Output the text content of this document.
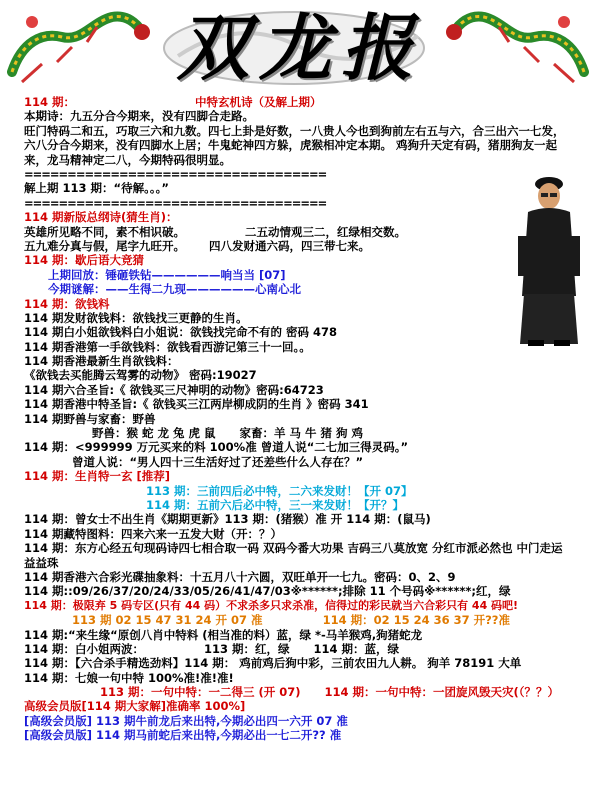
双龙报
114 期：	中特玄机诗（及解上期）
本期诗：九五分合今期来，没有四脚合走路。
旺门特码二和五，巧取三六和九数。四七上卦是好数，一八贵人今也到狗前左右五与六，合三出六一七发，六八分合今期来，没有四脚水上居；牛鬼蛇神四方躲，虎猴相冲定本期。 鸡狗升天定有码，猪朋狗友一起来，龙马精神定二八，今期特码很明显。
===================================
解上期 113 期：“待解。。。”
===================================
114 期新版总纲诗(猜生肖)：
英雄所见略不同，素不相识破。	二五动情观三二，红绿相交数。
五九难分真与假，尾字九旺开。 四八发财通六码，四三带七来。
114 期：歇后语大竞猜
上期回放：锤砸铁钻——————响当当 [07]
今期谜解：——生得二九现——————心南心北
114 期：欲钱料
114 期发财欲钱料：欲钱找三更静的生肖。
114 期白小姐欲钱料白小姐说：欲钱找完命不有的 密码 478
114 期香港第一手欲钱料：欲钱看西游记第三十一回。。
114 期香港最新生肖欲钱料：
《欲钱去买能腾云驾雾的动物》 密码:19027
114 期六合圣旨:《 欲钱买三尺神明的动物》密码:64723
114 期香港中特圣旨:《 欲钱买三江两岸柳成阴的生肖 》密码 341
114 期野兽与家畜：野兽
野兽：猴 蛇 龙 兔 虎 鼠 家畜：羊 马 牛 猪 狗 鸡
114 期：<999999 万元买来的料 100%准 曾道人说“二七加三得灵码。”
曾道人说：“男人四十三生活好过了还差些什么人存在？”
114 期：生肖特一玄 [推荐]
113 期：三前四后必中特，二六来发财！【开 07】
114 期：五前六后必中特，三一来发财！【开？】
114 期：曾女士不出生肖《期期更新》113 期：(猪猴）准 开 114 期：(鼠马)
114 期藏特图料：四来六来一五发大财（开：？）
114 期：东方心经五句现码诗四七相合取一码 双码今番大功果 吉码三八莫放宽 分红市派必然也 中门走运益益珠
114 期香港六合彩光碟抽象料：十五月八十六圆，双旺单开一七九。密码：0、2、9
114 期::09/26/37/20/24/33/05/26/41/47/03※******;排除 11 个号码※******;红，绿
114 期：极限弃 5 码专区(只有 44 码）不求杀多只求杀准，信得过的彩民就当六合彩只有 44 码吧!
113 期 02 15 47 31 24 开 07 准	114 期：02 15 24 36 37 开??准
114 期:“来生缘“原创八肖中特料 (相当准的料）蓝，绿 *-马羊猴鸡,狗猪蛇龙
114 期：白小姐两波：	113 期：红，绿 114 期：蓝，绿
114 期：【六合杀手精选劲料】114 期： 鸡前鸡后狗中彩，三前农田九人耕。 狗羊 78191 大单
114 期：七娘一句中特 100%准!准!准!
113 期：一句中特：一二得三 (开 07) 114 期：一句中特：一团旋风毁天灾(（？？）
高级会员版[114 期大家解]准确率 100%]
[高级会员版] 113 期牛前龙后来出特,今期必出四一六开 07 准
[高级会员版] 114 期马前蛇后来出特,今期必出一七二开?? 准
